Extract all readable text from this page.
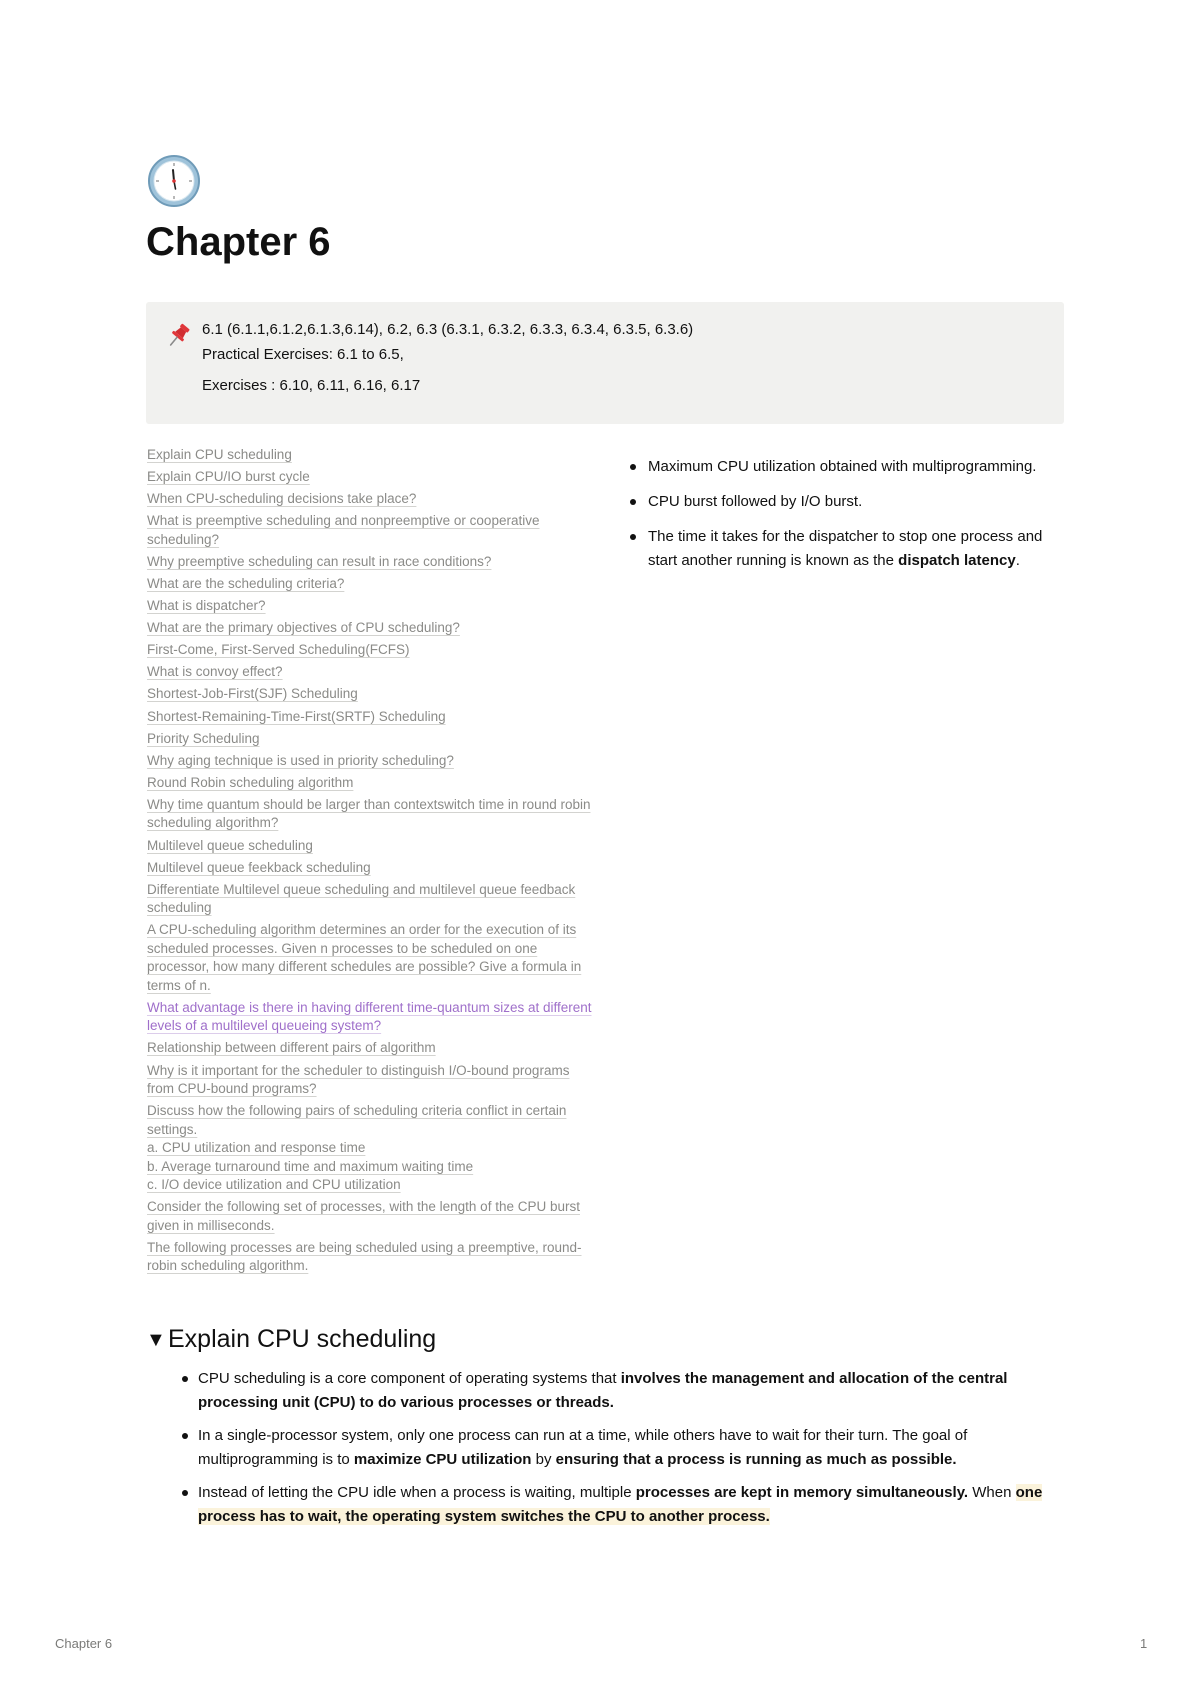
Chapter 6
6.1 (6.1.1,6.1.2,6.1.3,6.14), 6.2, 6.3 (6.3.1, 6.3.2, 6.3.3, 6.3.4, 6.3.5, 6.3.6)
Practical Exercises: 6.1 to 6.5,
Exercises : 6.10, 6.11, 6.16, 6.17
Explain CPU scheduling
Explain CPU/IO burst cycle
When CPU-scheduling decisions take place?
What is preemptive scheduling and nonpreemptive or cooperative scheduling?
Why preemptive scheduling can result in race conditions?
What are the scheduling criteria?
What is dispatcher?
What are the primary objectives of CPU scheduling?
First-Come, First-Served Scheduling(FCFS)
What is convoy effect?
Shortest-Job-First(SJF) Scheduling
Shortest-Remaining-Time-First(SRTF) Scheduling
Priority Scheduling
Why aging technique is used in priority scheduling?
Round Robin scheduling algorithm
Why time quantum should be larger than contextswitch time in round robin scheduling algorithm?
Multilevel queue scheduling
Multilevel queue feekback scheduling
Differentiate Multilevel queue scheduling and multilevel queue feedback scheduling
A CPU-scheduling algorithm determines an order for the execution of its scheduled processes. Given n processes to be scheduled on one processor, how many different schedules are possible? Give a formula in terms of n.
What advantage is there in having different time-quantum sizes at different levels of a multilevel queueing system?
Relationship between different pairs of algorithm
Why is it important for the scheduler to distinguish I/O-bound programs from CPU-bound programs?
Discuss how the following pairs of scheduling criteria conflict in certain settings.
a. CPU utilization and response time
b. Average turnaround time and maximum waiting time
c. I/O device utilization and CPU utilization
Consider the following set of processes, with the length of the CPU burst given in milliseconds.
The following processes are being scheduled using a preemptive, round- robin scheduling algorithm.
Maximum CPU utilization obtained with multiprogramming.
CPU burst followed by I/O burst.
The time it takes for the dispatcher to stop one process and start another running is known as the dispatch latency.
▼Explain CPU scheduling
CPU scheduling is a core component of operating systems that involves the management and allocation of the central processing unit (CPU) to do various processes or threads.
In a single-processor system, only one process can run at a time, while others have to wait for their turn. The goal of multiprogramming is to maximize CPU utilization by ensuring that a process is running as much as possible.
Instead of letting the CPU idle when a process is waiting, multiple processes are kept in memory simultaneously. When one process has to wait, the operating system switches the CPU to another process.
Chapter 6	1
